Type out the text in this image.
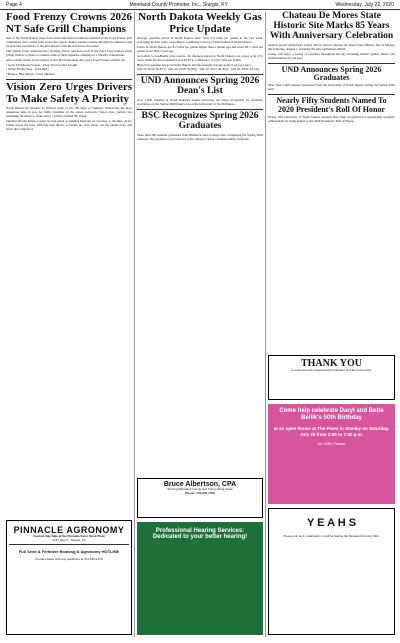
Page 4	Moreland County Promoter, Inc., Sturgis, KY	Wednesday, July 22, 2020
Food Frenzy Crowns 2026 NT Safe Grill Champions

One of the North Dakota State Fair's most anticipated traditions returned as the Food Frenzy grill competition drew teams from across the region. Judges sampled entries through the afternoon and awarded the top honors to the grill masters with the most flavorful plates.

This annual event celebrates the creativity, flavor, and hard work of the Fair's food vendors while giving visitors a chance to sample some of their signature offerings in a friendly competition.

After tasting entries from vendors across the fairgrounds, this year's Food Frenzy winners are:

• Gold: Farmhouse Sweets – Deep Fried Cookie Dough

• Silver: Bunny Dog – Pork Belly

• Bronze: Blue Moon – Fried Snickers

Vision Zero Urges Drivers To Make Safety A Priority

North Dakota has marked its halfway point of the 100 Days of Summer, historically the most dangerous time of year for traffic fatalities on the state's roadways. Vision Zero partners are reminding motorists to make safety a priority behind the wheel.

Summer driving brings a surge in road travel as families head out on vacation, to the lake, and to events across the state. Officials urge drivers to buckle up, slow down, put the phone away, and never drive impaired.

PINNACLE AGRONOMY
Custom Hay Sale at the Pinnacle Farm Store Plant
4157 Hwy 5 · Sturgis, KY
Full Seed & Fertilizer Booking & Agronomy HOTLINE
Contact Adam with any questions at 701-645-1379
North Dakota Weekly Gas Price Update

Average gasoline prices in North Dakota have risen 0.6 cents per gallon in the last week, averaging $2.43/g today, according to GasBuddy's survey of 490 stations in North Dakota.

Prices in North Dakota are 8.2 cents per gallon higher than a month ago and stand 48.7 cents per gallon lower than a year ago.

According to GasBuddy price reports, the cheapest station in North Dakota was priced at $2.17/g today while the most expensive was $2.67/g, a difference of 50.0 cents per gallon.

Historical gasoline prices in North Dakota and the national average going back ten years:

July 20, 2019: $2.87/g · July 20, 2018: $2.85/g · July 20, 2017: $2.32/g · July 20, 2016: $2.14/g

UND Announces Spring 2026 Dean's List

Over 1,800 students of North Dakota's largest university are being recognized for academic excellence on the Spring 2026 Dean's List at the University of North Dakota.

BSC Recognizes Spring 2026 Graduates

More than 400 students graduated from Bismarck State College after completing the Spring 2026 semester. The graduates were honored at the college's virtual commencement ceremony.

Bruce Albertson, CPA
Serving Moreland County and Surrounding Areas
Phone: 701-645-1379
Professional Hearing Services: Dedicated to your better hearing!
Chateau De Mores State Historic Site Marks 85 Years With Anniversary Celebration

Annual special anniversary events will be held at Chateau de Mores State Historic Site in Medora this Saturday, August 1, featuring the new permanent exhibit.

Guests will enjoy a variety of activities throughout the day including historic games, music, and demonstrations for all ages.

UND Announces Spring 2026 Graduates

More than 1,400 students graduated from the University of North Dakota during the Spring 2026 term.

Nearly Fifty Students Named To 2020 President's Roll Of Honor

Nearly fifty University of North Dakota students have been recognized for outstanding academic achievement by being named to the 2020 President's Roll of Honor.

THANK YOU
to everyone who supported the chamber and the community.
Come help celebrate Daryl and Bette Bellik's 50th Birthday
at an open house at The Pines in Stanley on Saturday, July 25 from 3:00 to 7:00 p.m.
No Gifts Please
Y E A H S
Please join us in celebration. It will be held at the Moreland County Park.
